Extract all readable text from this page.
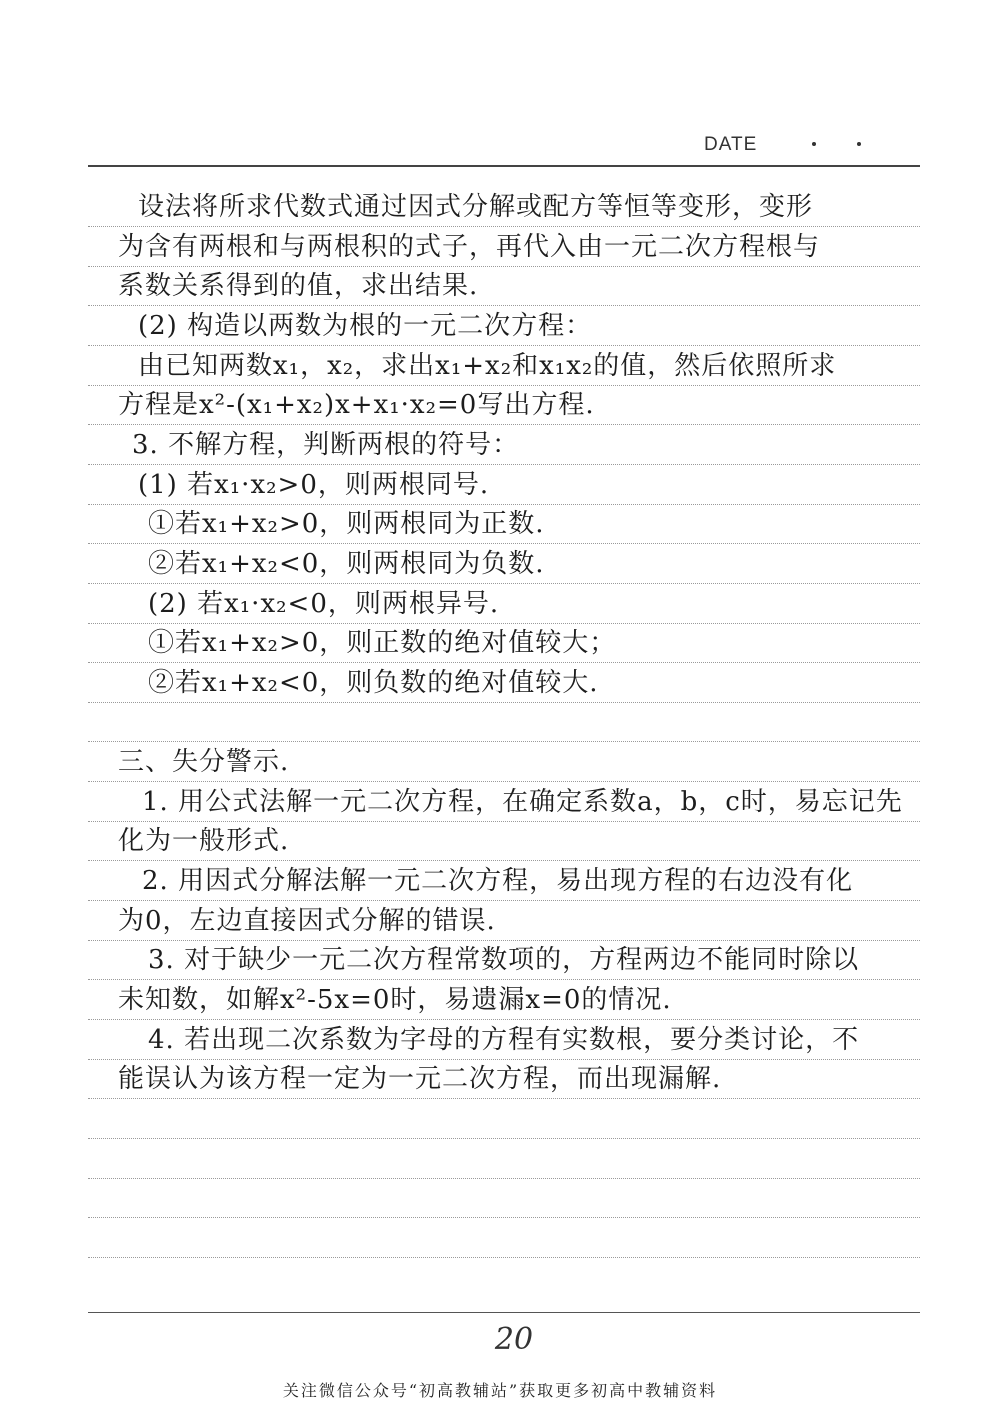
DATE
设法将所求代数式通过因式分解或配方等恒等变形，变形
为含有两根和与两根积的式子，再代入由一元二次方程根与
系数关系得到的值，求出结果.
(2) 构造以两数为根的一元二次方程：
由已知两数x₁，x₂，求出x₁+x₂和x₁x₂的值，然后依照所求
方程是x²-(x₁+x₂)x+x₁·x₂=0写出方程.
3. 不解方程，判断两根的符号：
(1) 若x₁·x₂>0，则两根同号.
①若x₁+x₂>0，则两根同为正数.
②若x₁+x₂<0，则两根同为负数.
(2) 若x₁·x₂<0，则两根异号.
①若x₁+x₂>0，则正数的绝对值较大；
②若x₁+x₂<0，则负数的绝对值较大.
三、失分警示.
1. 用公式法解一元二次方程，在确定系数a，b，c时，易忘记先
化为一般形式.
2. 用因式分解法解一元二次方程，易出现方程的右边没有化
为0，左边直接因式分解的错误.
3. 对于缺少一元二次方程常数项的，方程两边不能同时除以
未知数，如解x²-5x=0时，易遗漏x=0的情况.
4. 若出现二次系数为字母的方程有实数根，要分类讨论，不
能误认为该方程一定为一元二次方程，而出现漏解.
20
关注微信公众号“初高教辅站”获取更多初高中教辅资料
